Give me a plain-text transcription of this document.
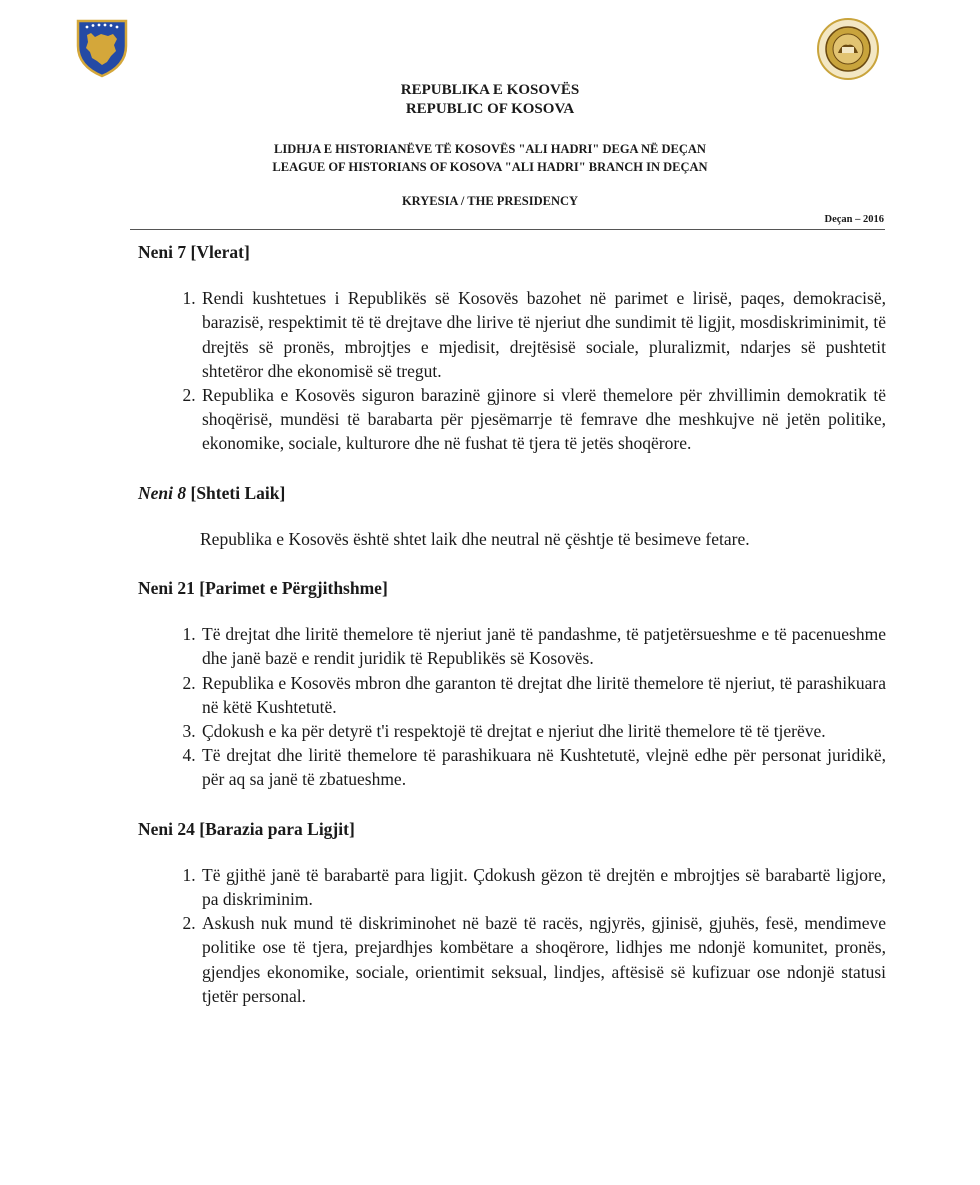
REPUBLIKA E KOSOVËS
REPUBLIC OF KOSOVA
LIDHJA E HISTORIANËVE TË KOSOVËS "ALI HADRI" DEGA NË DEÇAN
LEAGUE OF HISTORIANS OF KOSOVA "ALI HADRI" BRANCH IN DEÇAN
KRYESIA / THE PRESIDENCY
Deçan – 2016
Neni 7 [Vlerat]
1. Rendi kushtetues i Republikës së Kosovës bazohet në parimet e lirisë, paqes, demokracisë, barazisë, respektimit të të drejtave dhe lirive të njeriut dhe sundimit të ligjit, mosdiskriminimit, të drejtës së pronës, mbrojtjes e mjedisit, drejtësisë sociale, pluralizmit, ndarjes së pushtetit shtetëror dhe ekonomisë së tregut.
2. Republika e Kosovës siguron barazinë gjinore si vlerë themelore për zhvillimin demokratik të shoqërisë, mundësi të barabarta për pjesëmarrje të femrave dhe meshkujve në jetën politike, ekonomike, sociale, kulturore dhe në fushat të tjera të jetës shoqërore.
Neni 8 [Shteti Laik]

Republika e Kosovës është shtet laik dhe neutral në çështje të besimeve fetare.

Neni 21 [Parimet e Përgjithshme]
1. Të drejtat dhe liritë themelore të njeriut janë të pandashme, të patjetërsueshme e të pacenueshme dhe janë bazë e rendit juridik të Republikës së Kosovës.
2. Republika e Kosovës mbron dhe garanton të drejtat dhe liritë themelore të njeriut, të parashikuara në këtë Kushtetutë.
3. Çdokush e ka për detyrë t'i respektojë të drejtat e njeriut dhe liritë themelore të të tjerëve.
4. Të drejtat dhe liritë themelore të parashikuara në Kushtetutë, vlejnë edhe për personat juridikë, për aq sa janë të zbatueshme.
Neni 24 [Barazia para Ligjit]
1. Të gjithë janë të barabartë para ligjit. Çdokush gëzon të drejtën e mbrojtjes së barabartë ligjore, pa diskriminim.
2. Askush nuk mund të diskriminohet në bazë të racës, ngjyrës, gjinisë, gjuhës, fesë, mendimeve politike ose të tjera, prejardhjes kombëtare a shoqërore, lidhjes me ndonjë komunitet, pronës, gjendjes ekonomike, sociale, orientimit seksual, lindjes, aftësisë së kufizuar ose ndonjë statusi tjetër personal.
